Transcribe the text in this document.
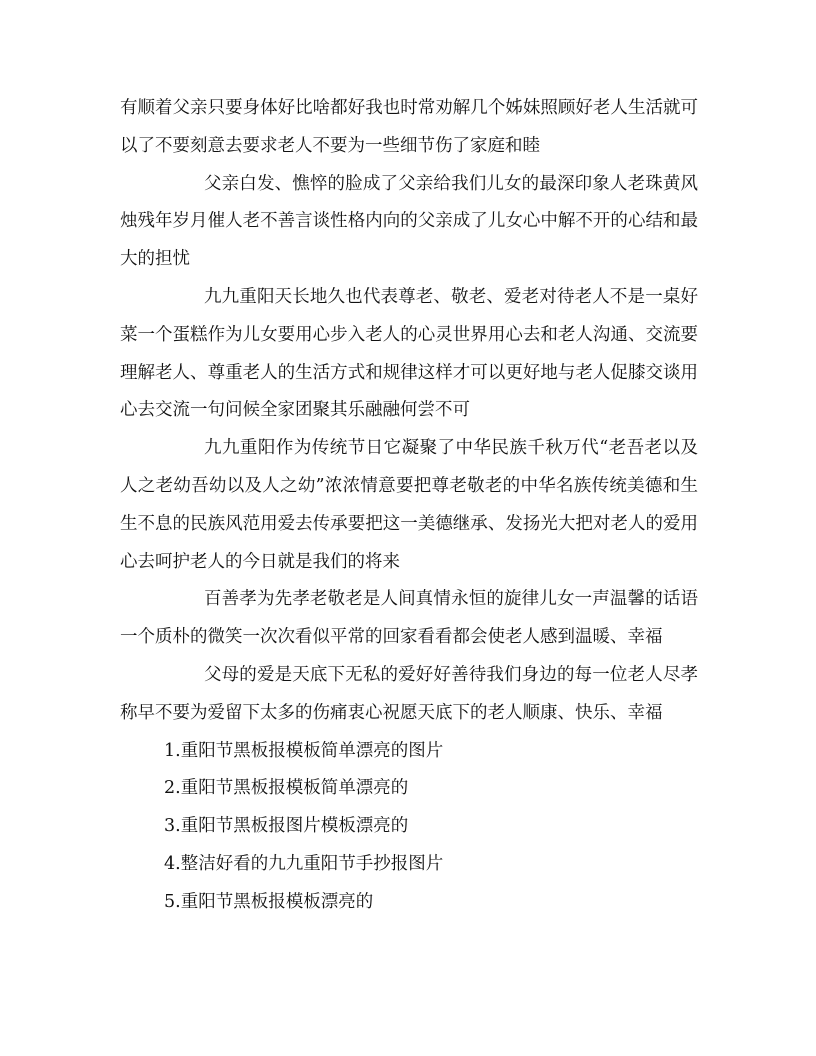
有顺着父亲只要身体好比啥都好我也时常劝解几个姊妹照顾好老人生活就可以了不要刻意去要求老人不要为一些细节伤了家庭和睦

父亲白发、憔悴的脸成了父亲给我们儿女的最深印象人老珠黄风烛残年岁月催人老不善言谈性格内向的父亲成了儿女心中解不开的心结和最大的担忧

九九重阳天长地久也代表尊老、敬老、爱老对待老人不是一桌好菜一个蛋糕作为儿女要用心步入老人的心灵世界用心去和老人沟通、交流要理解老人、尊重老人的生活方式和规律这样才可以更好地与老人促膝交谈用心去交流一句问候全家团聚其乐融融何尝不可

九九重阳作为传统节日它凝聚了中华民族千秋万代“老吾老以及人之老幼吾幼以及人之幼”浓浓情意要把尊老敬老的中华名族传统美德和生生不息的民族风范用爱去传承要把这一美德继承、发扬光大把对老人的爱用心去呵护老人的今日就是我们的将来

百善孝为先孝老敬老是人间真情永恒的旋律儿女一声温馨的话语一个质朴的微笑一次次看似平常的回家看看都会使老人感到温暖、幸福

父母的爱是天底下无私的爱好好善待我们身边的每一位老人尽孝称早不要为爱留下太多的伤痛衷心祝愿天底下的老人顺康、快乐、幸福

1.重阳节黑板报模板简单漂亮的图片
2.重阳节黑板报模板简单漂亮的
3.重阳节黑板报图片模板漂亮的
4.整洁好看的九九重阳节手抄报图片
5.重阳节黑板报模板漂亮的
